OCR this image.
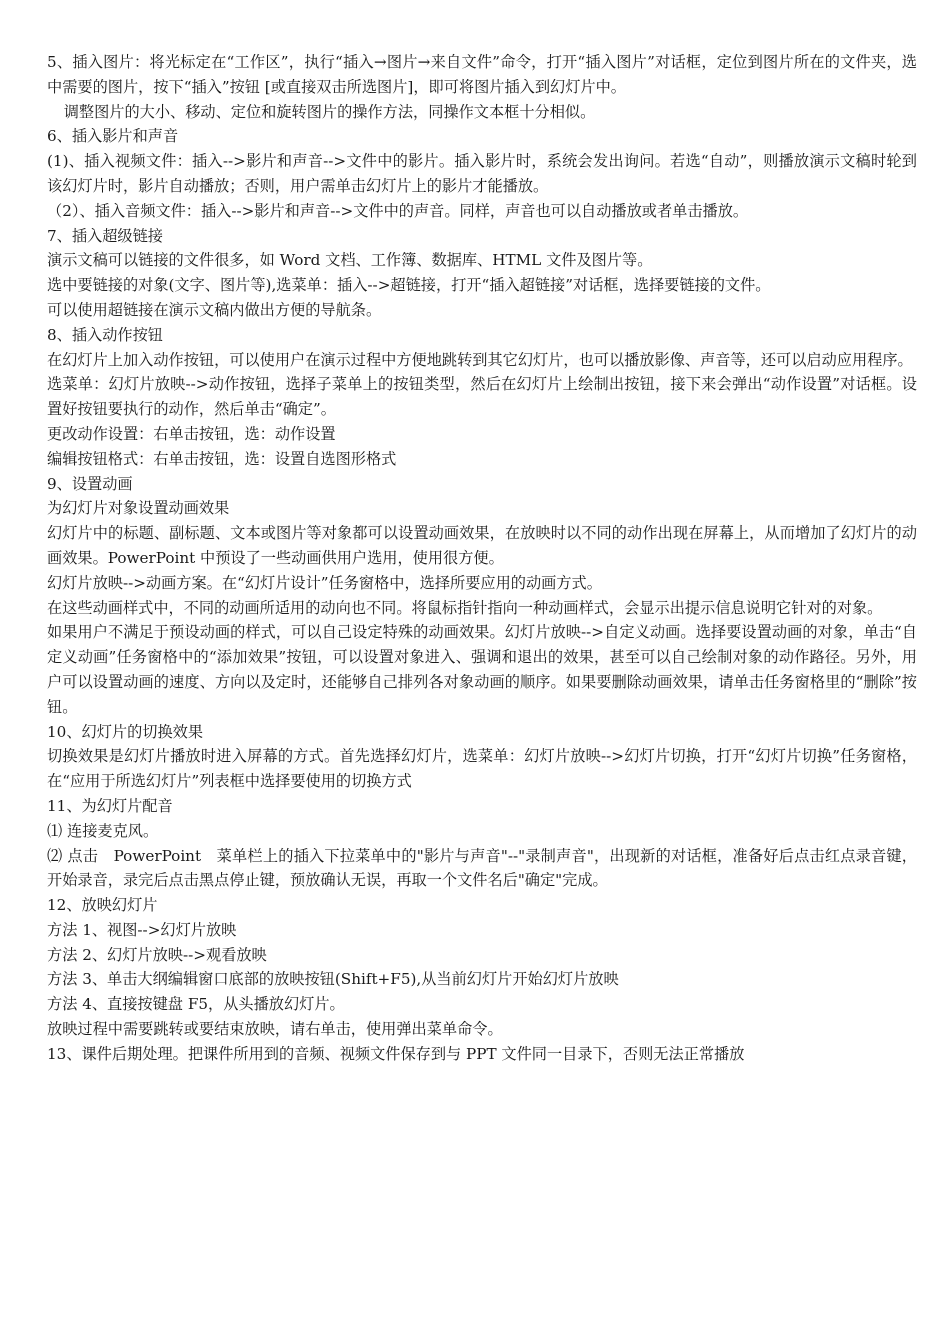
5、插入图片：将光标定在“工作区”，执行“插入→图片→来自文件”命令，打开“插入图片”对话框，定位到图片所在的文件夹，选中需要的图片，按下“插入”按钮 [或直接双击所选图片]，即可将图片插入到幻灯片中。

调整图片的大小、移动、定位和旋转图片的操作方法，同操作文本框十分相似。

6、插入影片和声音

(1)、插入视频文件：插入-->影片和声音-->文件中的影片。插入影片时，系统会发出询问。若选“自动”，则播放演示文稿时轮到该幻灯片时，影片自动播放；否则，用户需单击幻灯片上的影片才能播放。

（2）、插入音频文件：插入-->影片和声音-->文件中的声音。同样，声音也可以自动播放或者单击播放。

7、插入超级链接

演示文稿可以链接的文件很多，如 Word 文档、工作簿、数据库、HTML 文件及图片等。

选中要链接的对象(文字、图片等),选菜单：插入-->超链接，打开“插入超链接”对话框，选择要链接的文件。

可以使用超链接在演示文稿内做出方便的导航条。

8、插入动作按钮

在幻灯片上加入动作按钮，可以使用户在演示过程中方便地跳转到其它幻灯片，也可以播放影像、声音等，还可以启动应用程序。

选菜单：幻灯片放映-->动作按钮，选择子菜单上的按钮类型，然后在幻灯片上绘制出按钮，接下来会弹出“动作设置”对话框。设置好按钮要执行的动作，然后单击“确定”。

更改动作设置：右单击按钮，选：动作设置

编辑按钮格式：右单击按钮，选：设置自选图形格式

9、设置动画

为幻灯片对象设置动画效果

幻灯片中的标题、副标题、文本或图片等对象都可以设置动画效果，在放映时以不同的动作出现在屏幕上，从而增加了幻灯片的动画效果。PowerPoint 中预设了一些动画供用户选用，使用很方便。

幻灯片放映-->动画方案。在“幻灯片设计”任务窗格中，选择所要应用的动画方式。

在这些动画样式中，不同的动画所适用的动向也不同。将鼠标指针指向一种动画样式，会显示出提示信息说明它针对的对象。

如果用户不满足于预设动画的样式，可以自己设定特殊的动画效果。幻灯片放映-->自定义动画。选择要设置动画的对象，单击“自定义动画”任务窗格中的“添加效果”按钮，可以设置对象进入、强调和退出的效果，甚至可以自己绘制对象的动作路径。另外，用户可以设置动画的速度、方向以及定时，还能够自己排列各对象动画的顺序。如果要删除动画效果，请单击任务窗格里的“删除”按钮。

10、幻灯片的切换效果

切换效果是幻灯片播放时进入屏幕的方式。首先选择幻灯片，选菜单：幻灯片放映-->幻灯片切换，打开“幻灯片切换”任务窗格，在“应用于所选幻灯片”列表框中选择要使用的切换方式

11、为幻灯片配音

⑴ 连接麦克风。

⑵ 点击　PowerPoint　菜单栏上的插入下拉菜单中的"影片与声音"--"录制声音"，出现新的对话框，准备好后点击红点录音键，开始录音，录完后点击黑点停止键，预放确认无误，再取一个文件名后"确定"完成。

12、放映幻灯片

方法 1、视图-->幻灯片放映

方法 2、幻灯片放映-->观看放映

方法 3、单击大纲编辑窗口底部的放映按钮(Shift+F5),从当前幻灯片开始幻灯片放映

方法 4、直接按键盘 F5，从头播放幻灯片。

放映过程中需要跳转或要结束放映，请右单击，使用弹出菜单命令。

13、课件后期处理。把课件所用到的音频、视频文件保存到与 PPT 文件同一目录下，否则无法正常播放
